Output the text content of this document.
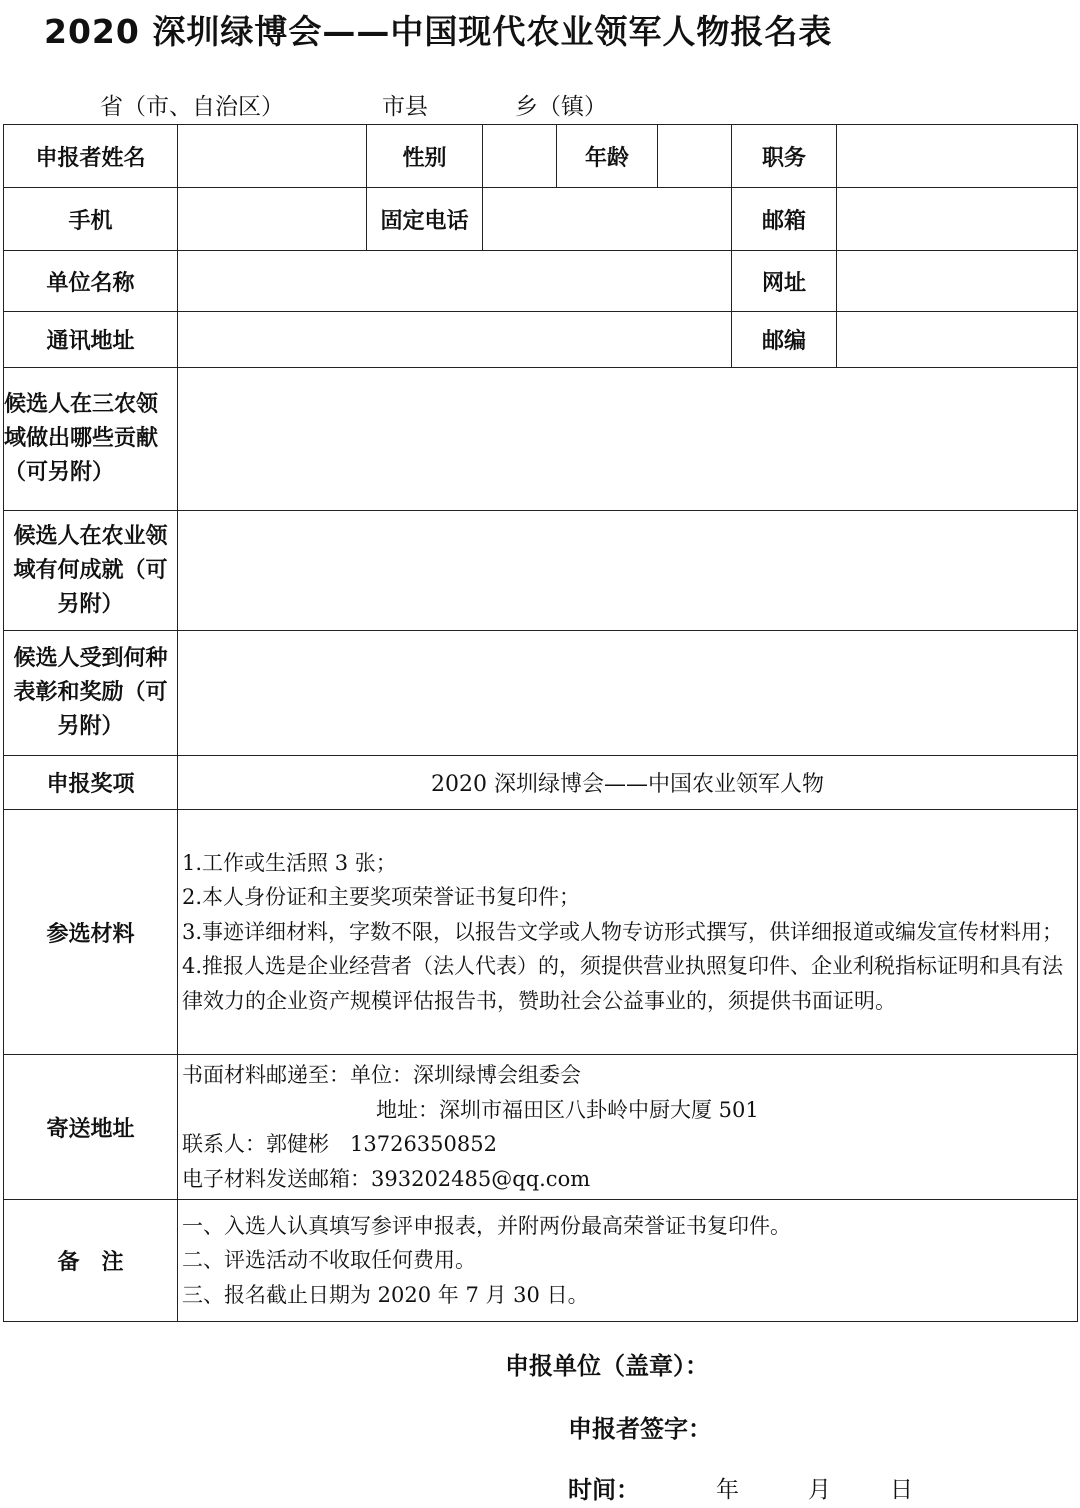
2020 深圳绿博会——中国现代农业领军人物报名表
省（市、自治区）	市县	乡（镇）
申报者姓名		性别		年龄		职务	
手机		固定电话				邮箱	
单位名称						网址	
通讯地址						邮编	
候选人在三农领域做出哪些贡献（可另附）							
候选人在农业领域有何成就（可另附）							
候选人受到何种表彰和奖励（可另附）							
申报奖项	2020 深圳绿博会——中国农业领军人物						
参选材料	1.工作或生活照 3 张；
2.本人身份证和主要奖项荣誉证书复印件；
3.事迹详细材料，字数不限，以报告文学或人物专访形式撰写，供详细报道或编发宣传材料用；
4.推报人选是企业经营者（法人代表）的，须提供营业执照复印件、企业利税指标证明和具有法律效力的企业资产规模评估报告书，赞助社会公益事业的，须提供书面证明。						

寄送地址	书面材料邮递至：单位：深圳绿博会组委会
地址：深圳市福田区八卦岭中厨大厦 501
联系人：郭健彬　13726350852
电子材料发送邮箱：393202485@qq.com						

备　注	一、入选人认真填写参评申报表，并附两份最高荣誉证书复印件。
二、评选活动不收取任何费用。
三、报名截止日期为 2020 年 7 月 30 日。						
申报单位（盖章）：
申报者签字：
时间：	年	月	日
